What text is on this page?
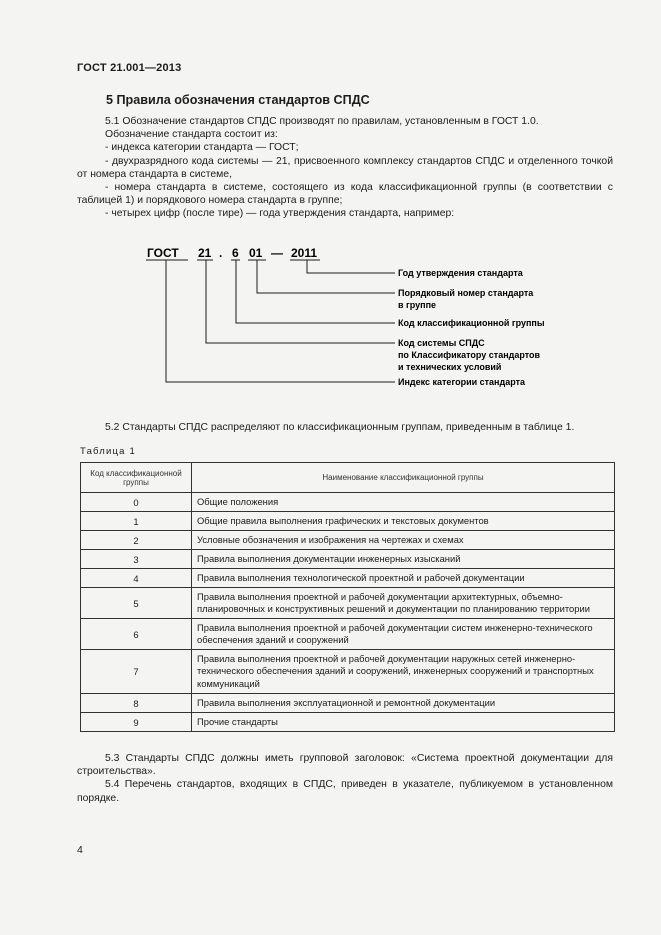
ГОСТ 21.001—2013
5 Правила обозначения стандартов СПДС

5.1 Обозначение стандартов СПДС производят по правилам, установленным в ГОСТ 1.0.

Обозначение стандарта состоит из:

- индекса категории стандарта — ГОСТ;

- двухразрядного кода системы — 21, присвоенного комплексу стандартов СПДС и отделенного точкой от номера стандарта в системе,

- номера стандарта в системе, состоящего из кода классификационной группы (в соответствии с таблицей 1) и порядкового номера стандарта в группе;

- четырех цифр (после тире) — года утверждения стандарта, например:

ГОСТ 21 . 6 01 — 2011
Год утверждения стандарта
Порядковый номер стандарта
в группе
Код классификационной группы
Код системы СПДС
по Классификатору стандартов
и технических условий
Индекс категории стандарта

5.2 Стандарты СПДС распределяют по классификационным группам, приведенным в таблице 1.

Таблица 1
Код классификационной группы	Наименование классификационной группы
0	Общие положения
1	Общие правила выполнения графических и текстовых документов
2	Условные обозначения и изображения на чертежах и схемах
3	Правила выполнения документации инженерных изысканий
4	Правила выполнения технологической проектной и рабочей документации
5	Правила выполнения проектной и рабочей документации архитектурных, объемно-планировочных и конструктивных решений и документации по планированию территории
6	Правила выполнения проектной и рабочей документации систем инженерно-технического обеспечения зданий и сооружений
7	Правила выполнения проектной и рабочей документации наружных сетей инженерно-технического обеспечения зданий и сооружений, инженерных сооружений и транспортных коммуникаций
8	Правила выполнения эксплуатационной и ремонтной документации
9	Прочие стандарты

5.3 Стандарты СПДС должны иметь групповой заголовок: «Система проектной документации для строительства».

5.4 Перечень стандартов, входящих в СПДС, приведен в указателе, публикуемом в установленном порядке.

4
